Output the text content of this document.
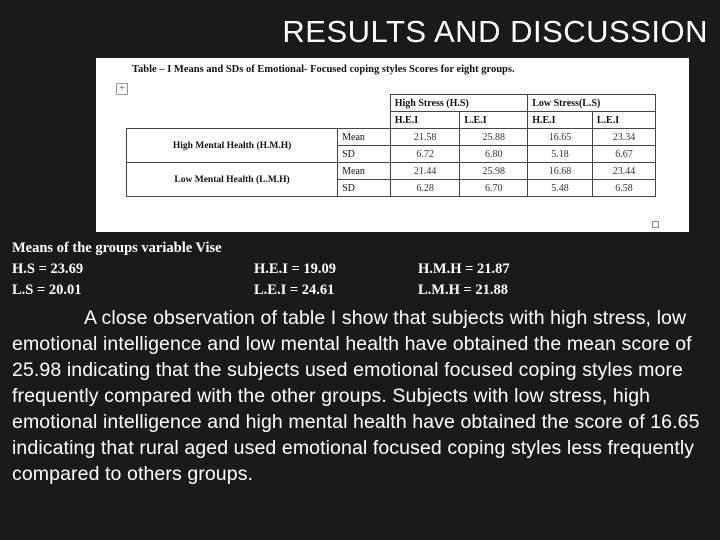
RESULTS AND DISCUSSION
Table – I Means and SDs of Emotional- Focused coping styles Scores for eight groups.
+
		High Stress (H.S)		Low Stress(L.S)	
		H.E.I	L.E.I	H.E.I	L.E.I
High Mental Health (H.M.H)	Mean	21.58	25.88	16.65	23.34
	SD	6.72	6.80	5.18	6.67
Low Mental Health (L.M.H)	Mean	21.44	25.98	16.68	23.44
	SD	6.28	6.70	5.48	6.58
Means of the groups variable Vise
H.S = 23.69	H.E.I = 19.09	H.M.H = 21.87
L.S = 20.01	L.E.I = 24.61	L.M.H = 21.88
A close observation of table I show that subjects with high stress, low emotional intelligence and low mental health have obtained the mean score of 25.98 indicating that the subjects used emotional focused coping styles more frequently compared with the other groups. Subjects with low stress, high emotional intelligence and high mental health have obtained the score of 16.65 indicating that rural aged used emotional focused coping styles less frequently compared to others groups.
